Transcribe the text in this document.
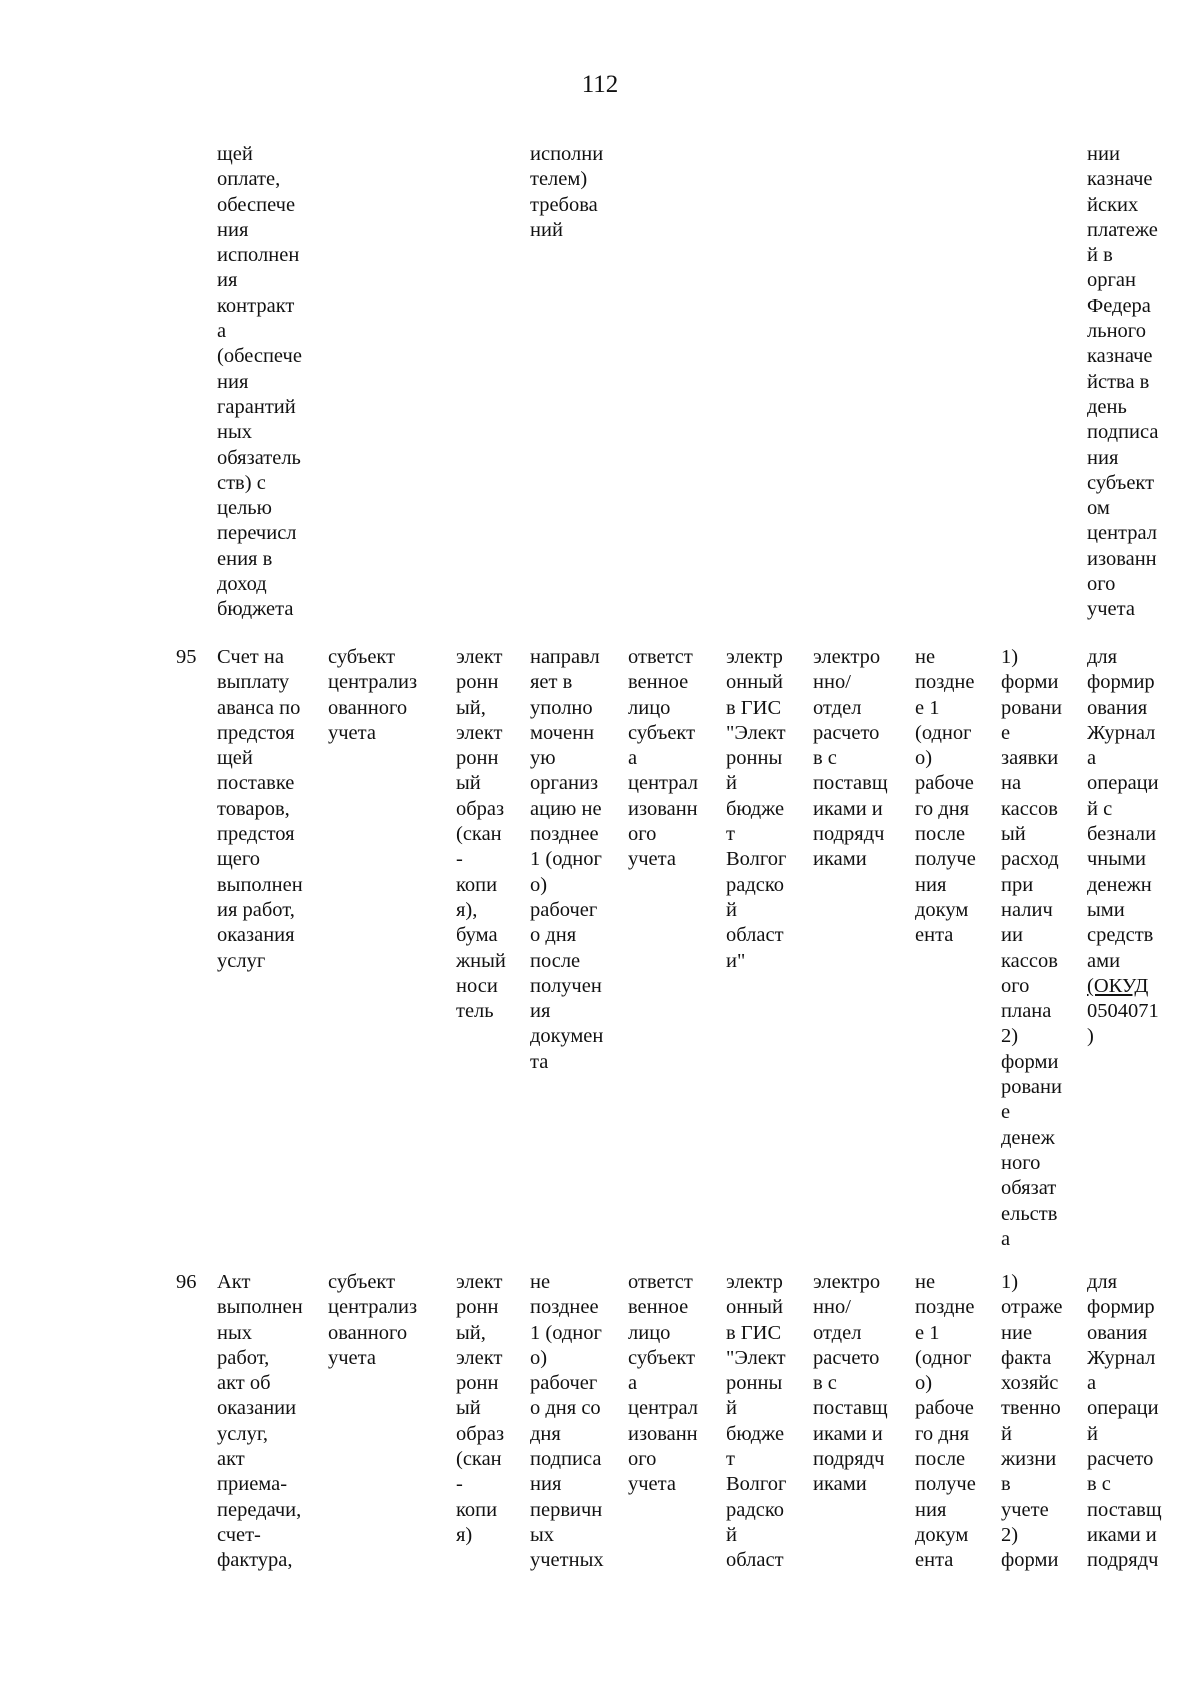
112
щей
оплате,
обеспече
ния
исполнен
ия
контракт
а
(обеспече
ния
гарантий
ных
обязатель
ств) с
целью
перечисл
ения в
доход
бюджета
исполни
телем)
требова
ний
нии
казначе
йских
платеже
й в
орган
Федера
льного
казначе
йства в
день
подписа
ния
субъект
ом
централ
изованн
ого
учета
95 Счет на
выплату
аванса по
предстоя
щей
поставке
товаров,
предстоя
щего
выполнен
ия работ,
оказания
услуг
субъект
централиз
ованного
учета
элект
ронн
ый,
элект
ронн
ый
образ
(скан
-
копи
я),
бума
жный
носи
тель
направл
яет в
уполно
моченн
ую
организ
ацию не
позднее
1 (одног
о)
рабочег
о дня
после
получен
ия
докумен
та
ответст
венное
лицо
субъект
а
централ
изованн
ого
учета
электр
онный
в ГИС
"Элект
ронны
й
бюдже
т
Волгог
радско
й
област
и"
электро
нно/
отдел
расчето
в с
поставщ
иками и
подрядч
иками
не
поздне
е 1
(одног
о)
рабоче
го дня
после
получе
ния
докум
ента
1)
форми
ровани
е
заявки
на
кассов
ый
расход
при
налич
ии
кассов
ого
плана
2)
форми
ровани
е
денеж
ного
обязат
ельств
а
для
формир
ования
Журнал
а
операци
й с
безнали
чными
денежн
ыми
средств
ами
(ОКУД
0504071
)
96 Акт
выполнен
ных
работ,
акт об
оказании
услуг,
акт
приема-
передачи,
счет-
фактура,
субъект
централиз
ованного
учета
элект
ронн
ый,
элект
ронн
ый
образ
(скан
-
копи
я)
не
позднее
1 (одног
о)
рабочег
о дня со
дня
подписа
ния
первичн
ых
учетных
ответст
венное
лицо
субъект
а
централ
изованн
ого
учета
электр
онный
в ГИС
"Элект
ронны
й
бюдже
т
Волгог
радско
й
област
электро
нно/
отдел
расчето
в с
поставщ
иками и
подрядч
иками
не
поздне
е 1
(одног
о)
рабоче
го дня
после
получе
ния
докум
ента
1)
отраже
ние
факта
хозяйс
твенно
й
жизни
в
учете
2)
форми
для
формир
ования
Журнал
а
операци
й
расчето
в с
поставщ
иками и
подрядч
